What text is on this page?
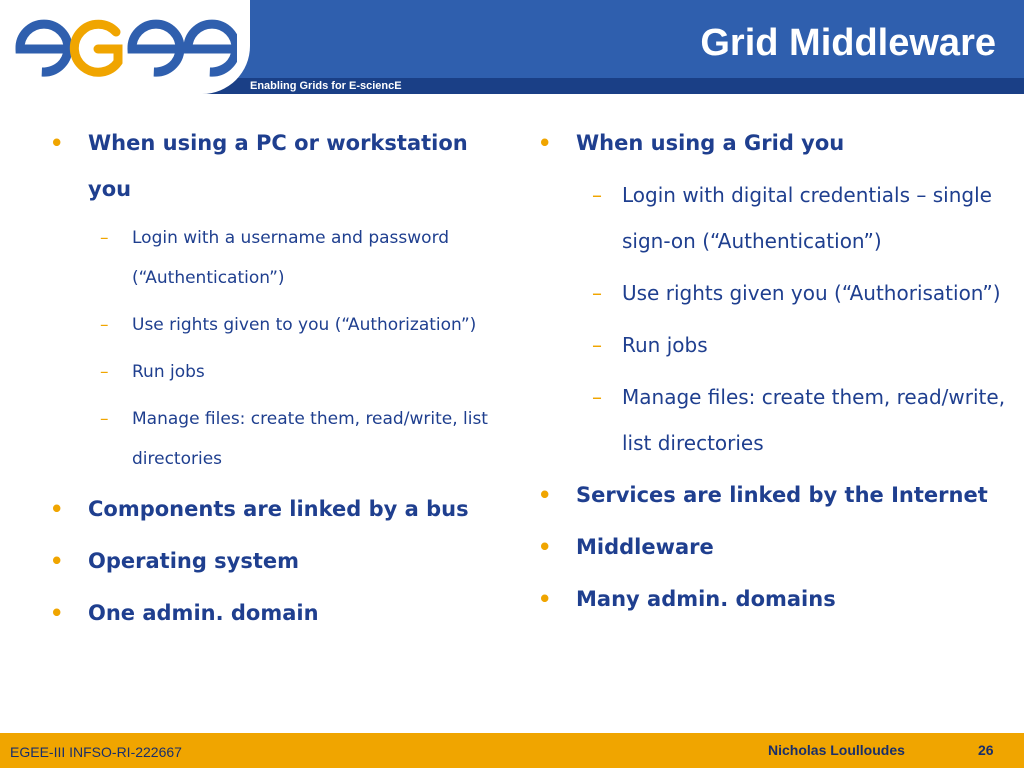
Enabling Grids for E-sciencE
Grid Middleware
• When using a PC or workstation you
– Login with a username and password (“Authentication”)
– Use rights given to you (“Authorization”)
– Run jobs
– Manage files: create them, read/write, list directories
• Components are linked by a bus
• Operating system
• One admin. domain
• When using a Grid you
– Login with digital credentials – single sign-on (“Authentication”)
– Use rights given you (“Authorisation”)
– Run jobs
– Manage files: create them, read/write, list directories
• Services are linked by the Internet
• Middleware
• Many admin. domains
EGEE-III INFSO-RI-222667	Nicholas Loulloudes	26
